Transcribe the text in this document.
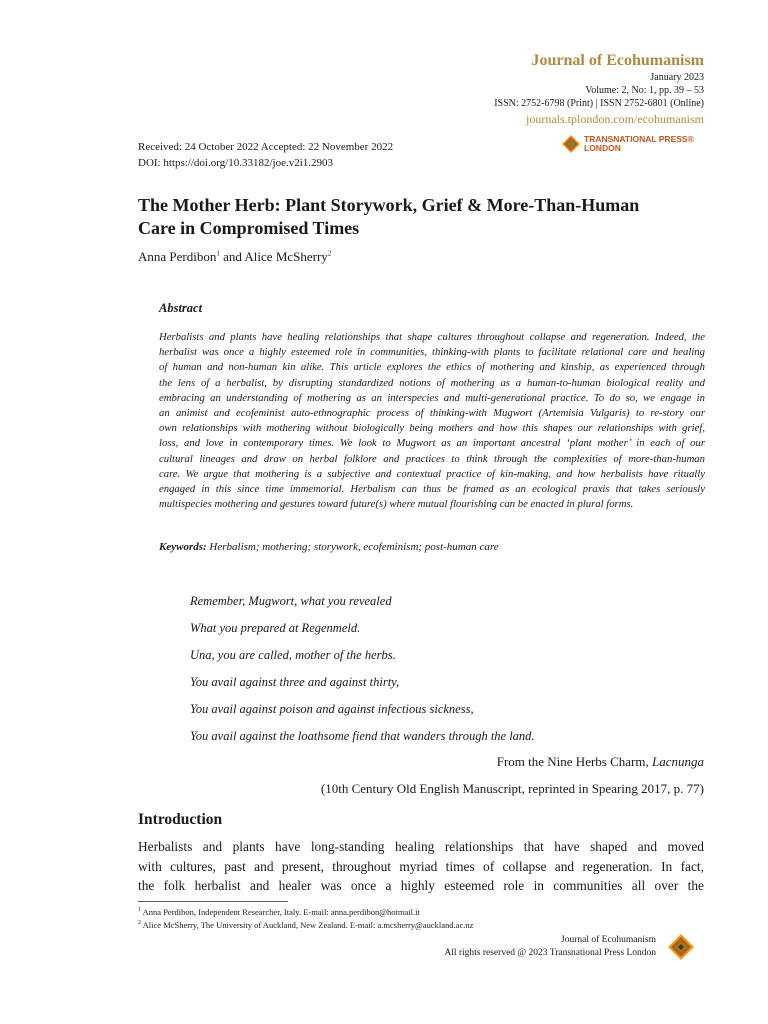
Journal of Ecohumanism
January 2023
Volume: 2, No: 1, pp. 39 – 53
ISSN: 2752-6798 (Print) | ISSN 2752-6801 (Online)
journals.tplondon.com/ecohumanism
Received: 24 October 2022 Accepted: 22 November 2022
DOI: https://doi.org/10.33182/joe.v2i1.2903
TRANSNATIONAL PRESS®
LONDON
The Mother Herb: Plant Storywork, Grief & More-Than-Human
Care in Compromised Times
Anna Perdibon$^1$ and Alice McSherry$^2$
Abstract
Herbalists and plants have healing relationships that shape cultures throughout collapse and regeneration. Indeed, the
herbalist was once a highly esteemed role in communities, thinking-with plants to facilitate relational care and healing
of human and non-human kin alike. This article explores the ethics of mothering and kinship, as experienced through
the lens of a herbalist, by disrupting standardized notions of mothering as a human-to-human biological reality and
embracing an understanding of mothering as an interspecies and multi-generational practice. To do so, we engage in
an animist and ecofeminist auto-ethnographic process of thinking-with Mugwort (Artemisia Vulgaris) to re-story our
own relationships with mothering without biologically being mothers and how this shapes our relationships with grief,
loss, and love in contemporary times. We look to Mugwort as an important ancestral ‘plant mother’ in each of our
cultural lineages and draw on herbal folklore and practices to think through the complexities of more-than-human
care. We argue that mothering is a subjective and contextual practice of kin-making, and how herbalists have ritually
engaged in this since time immemorial. Herbalism can thus be framed as an ecological praxis that takes seriously
multispecies mothering and gestures toward future(s) where mutual flourishing can be enacted in plural forms.
Keywords: Herbalism; mothering; storywork, ecofeminism; post-human care
Remember, Mugwort, what you revealed
What you prepared at Regenmeld.
Una, you are called, mother of the herbs.
You avail against three and against thirty,
You avail against poison and against infectious sickness,
You avail against the loathsome fiend that wanders through the land.
From the Nine Herbs Charm, Lacnunga
(10th Century Old English Manuscript, reprinted in Spearing 2017, p. 77)
Introduction
Herbalists and plants have long-standing healing relationships that have shaped and moved
with cultures, past and present, throughout myriad times of collapse and regeneration. In fact,
the folk herbalist and healer was once a highly esteemed role in communities all over the
$^1$ Anna Perdibon, Independent Researcher, Italy. E-mail: anna.perdibon@hotmail.it
$^2$ Alice McSherry, The University of Auckland, New Zealand. E-mail: a.mcsherry@auckland.ac.nz
Journal of Ecohumanism
All rights reserved @ 2023 Transnational Press London
